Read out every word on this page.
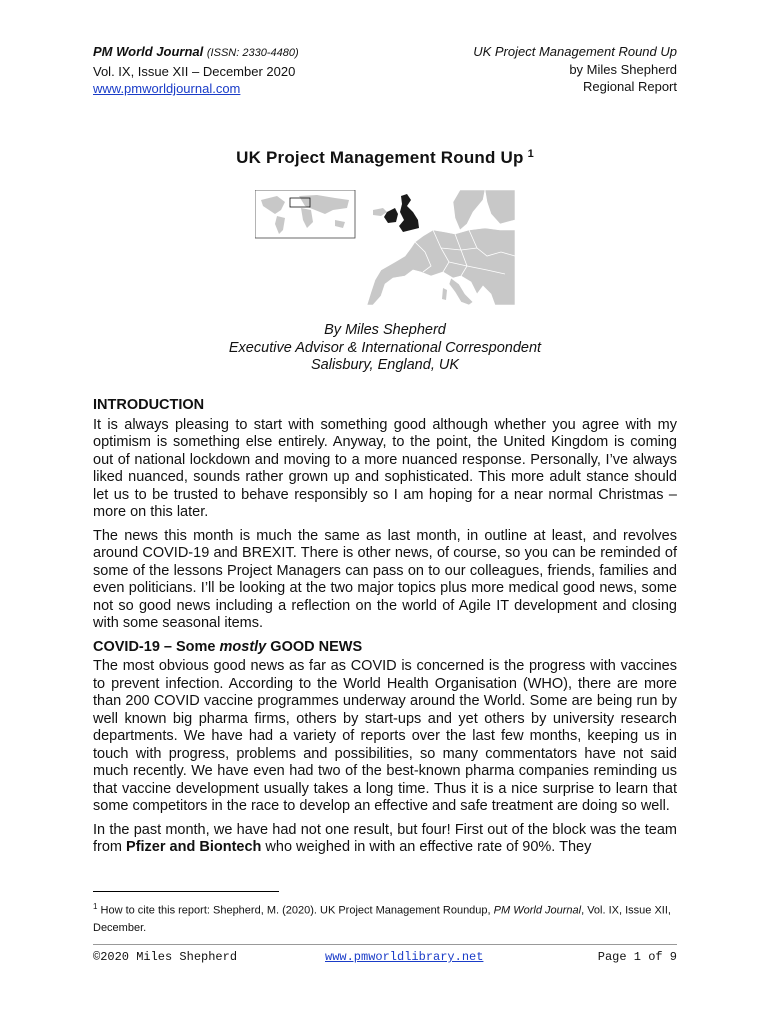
PM World Journal (ISSN: 2330-4480)
Vol. IX, Issue XII – December 2020
www.pmworldjournal.com
UK Project Management Round Up
by Miles Shepherd
Regional Report
UK Project Management Round Up $^1$
By Miles Shepherd
Executive Advisor & International Correspondent
Salisbury, England, UK
INTRODUCTION

It is always pleasing to start with something good although whether you agree with my optimism is something else entirely. Anyway, to the point, the United Kingdom is coming out of national lockdown and moving to a more nuanced response. Personally, I’ve always liked nuanced, sounds rather grown up and sophisticated. This more adult stance should let us to be trusted to behave responsibly so I am hoping for a near normal Christmas – more on this later.

The news this month is much the same as last month, in outline at least, and revolves around COVID-19 and BREXIT. There is other news, of course, so you can be reminded of some of the lessons Project Managers can pass on to our colleagues, friends, families and even politicians. I’ll be looking at the two major topics plus more medical good news, some not so good news including a reflection on the world of Agile IT development and closing with some seasonal items.

COVID-19 – Some mostly GOOD NEWS

The most obvious good news as far as COVID is concerned is the progress with vaccines to prevent infection. According to the World Health Organisation (WHO), there are more than 200 COVID vaccine programmes underway around the World. Some are being run by well known big pharma firms, others by start-ups and yet others by university research departments. We have had a variety of reports over the last few months, keeping us in touch with progress, problems and possibilities, so many commentators have not said much recently. We have even had two of the best-known pharma companies reminding us that vaccine development usually takes a long time. Thus it is a nice surprise to learn that some competitors in the race to develop an effective and safe treatment are doing so well.

In the past month, we have had not one result, but four! First out of the block was the team from Pfizer and Biontech who weighed in with an effective rate of 90%. They

$^1$ How to cite this report: Shepherd, M. (2020). UK Project Management Roundup, PM World Journal, Vol. IX, Issue XII, December.
©2020 Miles Shepherd	www.pmworldlibrary.net	Page 1 of 9
